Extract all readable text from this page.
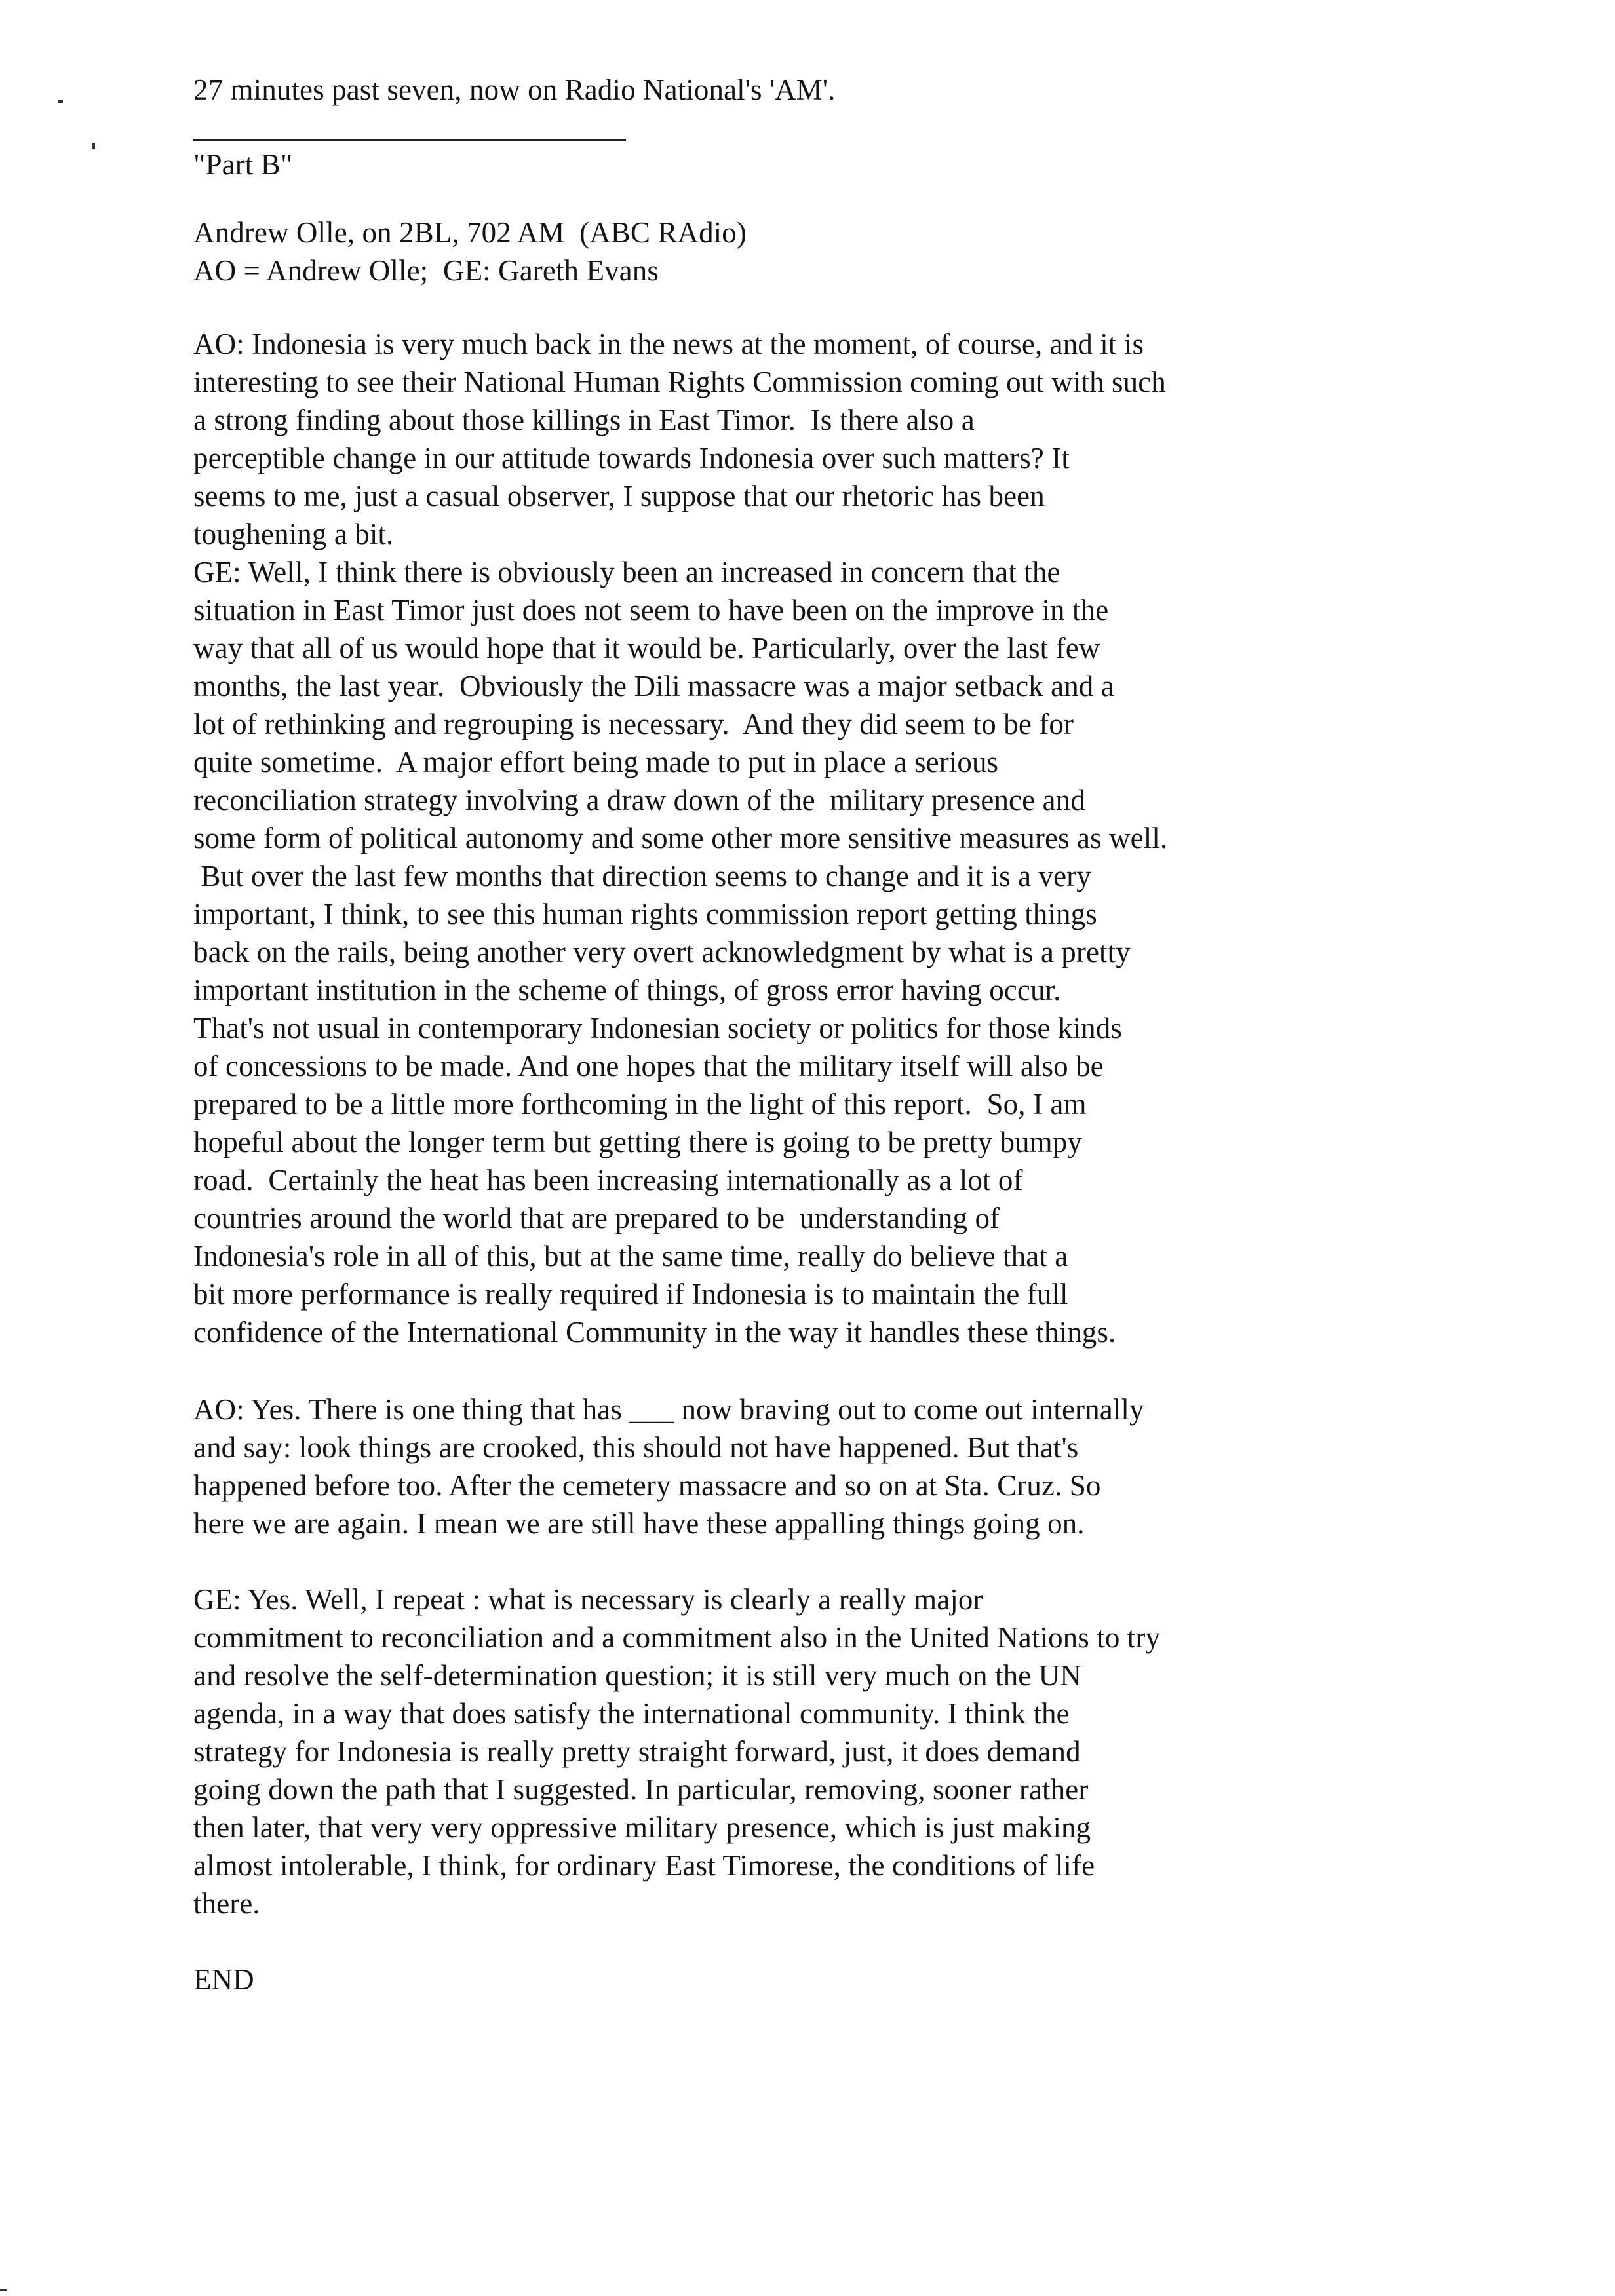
27 minutes past seven, now on Radio National's 'AM'.
"Part B"
Andrew Olle, on 2BL, 702 AM  (ABC RAdio)
AO = Andrew Olle;  GE: Gareth Evans
AO: Indonesia is very much back in the news at the moment, of course, and it is
interesting to see their National Human Rights Commission coming out with such
a strong finding about those killings in East Timor.  Is there also a
perceptible change in our attitude towards Indonesia over such matters? It
seems to me, just a casual observer, I suppose that our rhetoric has been
toughening a bit.
GE: Well, I think there is obviously been an increased in concern that the
situation in East Timor just does not seem to have been on the improve in the
way that all of us would hope that it would be. Particularly, over the last few
months, the last year.  Obviously the Dili massacre was a major setback and a
lot of rethinking and regrouping is necessary.  And they did seem to be for
quite sometime.  A major effort being made to put in place a serious
reconciliation strategy involving a draw down of the  military presence and
some form of political autonomy and some other more sensitive measures as well.
But over the last few months that direction seems to change and it is a very
important, I think, to see this human rights commission report getting things
back on the rails, being another very overt acknowledgment by what is a pretty
important institution in the scheme of things, of gross error having occur.
That's not usual in contemporary Indonesian society or politics for those kinds
of concessions to be made. And one hopes that the military itself will also be
prepared to be a little more forthcoming in the light of this report.  So, I am
hopeful about the longer term but getting there is going to be pretty bumpy
road.  Certainly the heat has been increasing internationally as a lot of
countries around the world that are prepared to be  understanding of
Indonesia's role in all of this, but at the same time, really do believe that a
bit more performance is really required if Indonesia is to maintain the full
confidence of the International Community in the way it handles these things.
AO: Yes. There is one thing that has ___ now braving out to come out internally
and say: look things are crooked, this should not have happened. But that's
happened before too. After the cemetery massacre and so on at Sta. Cruz. So
here we are again. I mean we are still have these appalling things going on.
GE: Yes. Well, I repeat : what is necessary is clearly a really major
commitment to reconciliation and a commitment also in the United Nations to try
and resolve the self-determination question; it is still very much on the UN
agenda, in a way that does satisfy the international community. I think the
strategy for Indonesia is really pretty straight forward, just, it does demand
going down the path that I suggested. In particular, removing, sooner rather
then later, that very very oppressive military presence, which is just making
almost intolerable, I think, for ordinary East Timorese, the conditions of life
there.
END
